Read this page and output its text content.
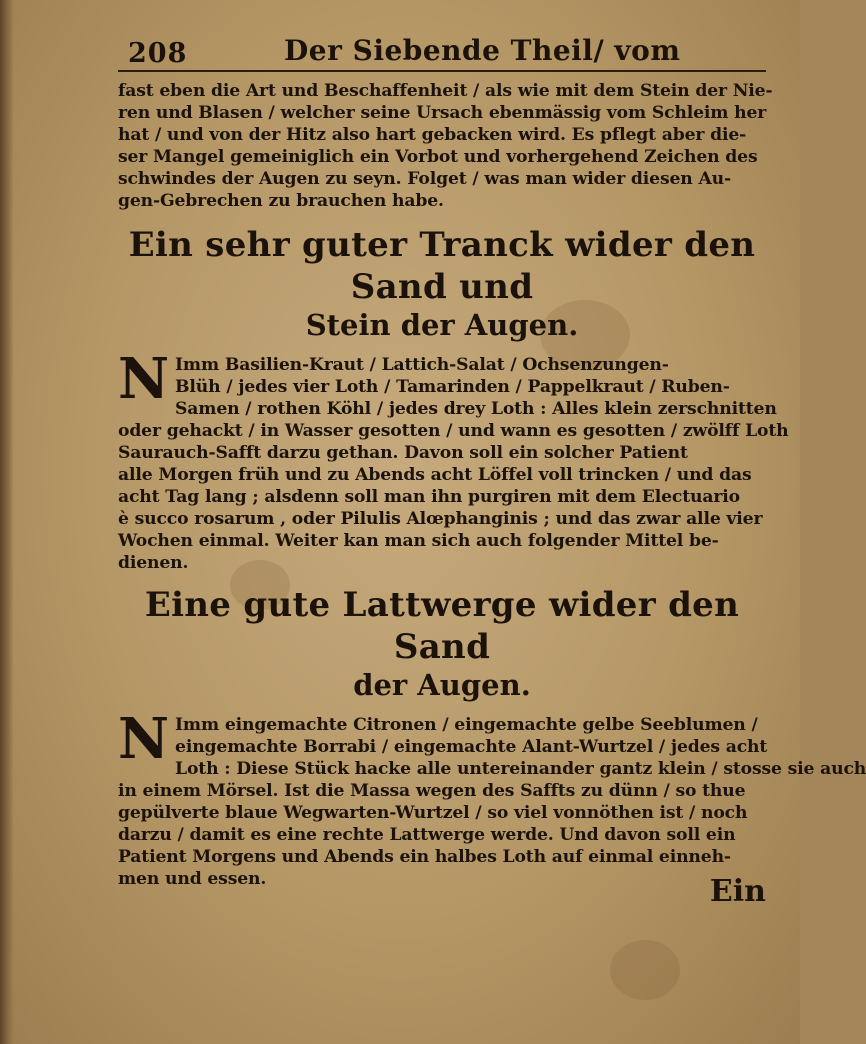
208	Der Siebende Theil/ vom

fast eben die Art und Beschaffenheit / als wie mit dem Stein der Nie-
ren und Blasen / welcher seine Ursach ebenmässig vom Schleim her
hat / und von der Hitz also hart gebacken wird. Es pflegt aber die-
ser Mangel gemeiniglich ein Vorbot und vorhergehend Zeichen des
schwindes der Augen zu seyn. Folget / was man wider diesen Au-
gen-Gebrechen zu brauchen habe.

Ein sehr guter Tranck wider den Sand und
Stein der Augen.
N Imm Basilien-Kraut / Lattich-Salat / Ochsenzungen-
Blüh / jedes vier Loth / Tamarinden / Pappelkraut / Ruben-
Samen / rothen Köhl / jedes drey Loth : Alles klein zerschnitten
oder gehackt / in Wasser gesotten / und wann es gesotten / zwölff Loth
Saurauch-Safft darzu gethan. Davon soll ein solcher Patient
alle Morgen früh und zu Abends acht Löffel voll trincken / und das
acht Tag lang ; alsdenn soll man ihn purgiren mit dem Electuario
è succo rosarum , oder Pilulis Alœphanginis ; und das zwar alle vier
Wochen einmal. Weiter kan man sich auch folgender Mittel be-
dienen.
Eine gute Lattwerge wider den Sand
der Augen.
N Imm eingemachte Citronen / eingemachte gelbe Seeblumen /
eingemachte Borrabi / eingemachte Alant-Wurtzel / jedes acht
Loth : Diese Stück hacke alle untereinander gantz klein / stosse sie auch
in einem Mörsel. Ist die Massa wegen des Saffts zu dünn / so thue
gepülverte blaue Wegwarten-Wurtzel / so viel vonnöthen ist / noch
darzu / damit es eine rechte Lattwerge werde. Und davon soll ein
Patient Morgens und Abends ein halbes Loth auf einmal einneh-
men und essen.	Ein
